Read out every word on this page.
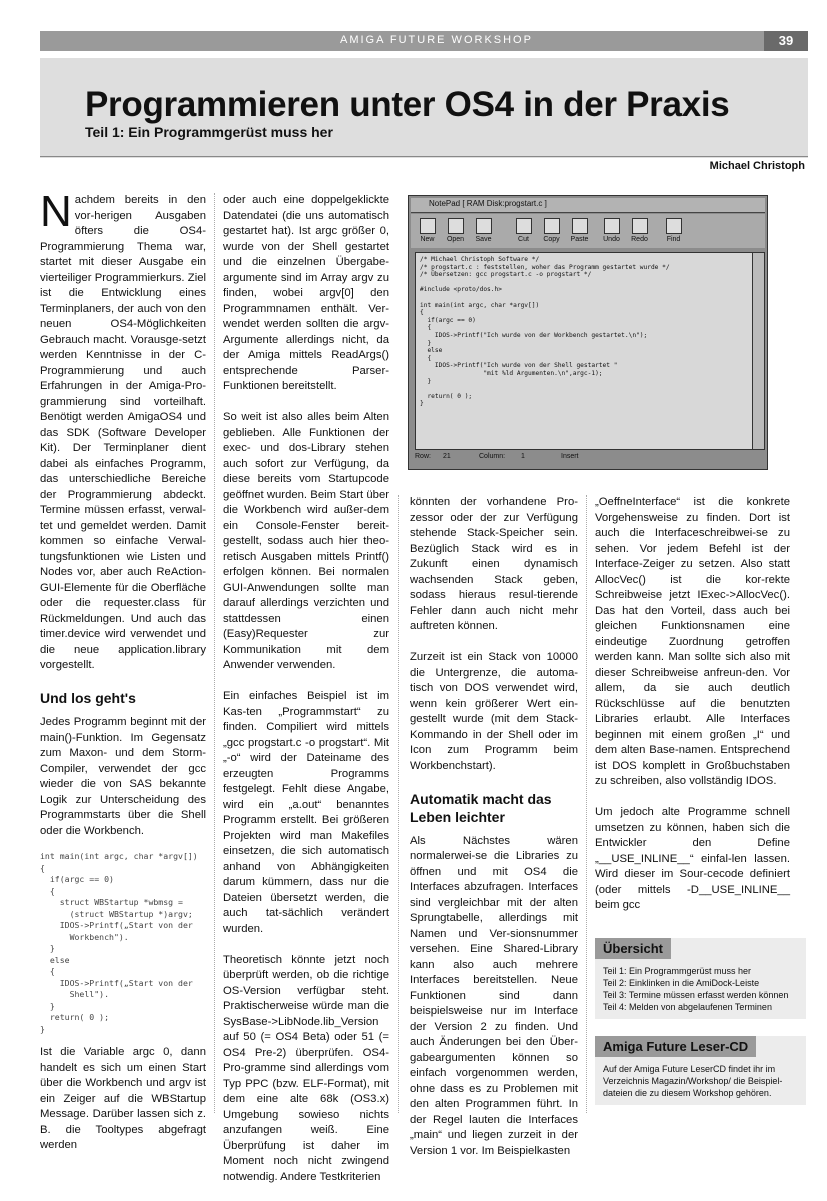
AMIGA FUTURE WORKSHOP	39
Programmieren unter OS4 in der Praxis
Teil 1: Ein Programmgerüst muss her
Michael Christoph

Nachdem bereits in den vor-herigen Ausgaben öfters die OS4-Programmierung Thema war, startet mit dieser Ausgabe ein vierteiliger Programmierkurs. Ziel ist die Entwicklung eines Terminplaners, der auch von den neuen OS4-Möglichkeiten Gebrauch macht. Vorausge-setzt werden Kenntnisse in der C-Programmierung und auch Erfahrungen in der Amiga-Pro-grammierung sind vorteilhaft. Benötigt werden AmigaOS4 und das SDK (Software Developer Kit). Der Terminplaner dient dabei als einfaches Programm, das unterschiedliche Bereiche der Programmierung abdeckt. Termine müssen erfasst, verwal-tet und gemeldet werden. Damit kommen so einfache Verwal-tungsfunktionen wie Listen und Nodes vor, aber auch ReAction-GUI-Elemente für die Oberfläche oder die requester.class für Rückmeldungen. Und auch das timer.device wird verwendet und die neue application.library vorgestellt.

Und los geht's

Jedes Programm beginnt mit der main()-Funktion. Im Gegensatz zum Maxon- und dem Storm-Compiler, verwendet der gcc wieder die von SAS bekannte Logik zur Unterscheidung des Programmstarts über die Shell oder die Workbench.

int main(int argc, char *argv[])
{
if(argc == 0)
{
struct WBStartup *wbmsg =
(struct WBStartup *)argv;
IDOS->Printf(„Start von der
Workbench").
}
else
{
IDOS->Printf(„Start von der
Shell").
}
return( 0 );
}

Ist die Variable argc 0, dann handelt es sich um einen Start über die Workbench und argv ist ein Zeiger auf die WBStartup Message. Darüber lassen sich z. B. die Tooltypes abgefragt werden

oder auch eine doppelgeklickte Datendatei (die uns automatisch gestartet hat). Ist argc größer 0, wurde von der Shell gestartet und die einzelnen Übergabe-argumente sind im Array argv zu finden, wobei argv[0] den Programmnamen enthält. Ver-wendet werden sollten die argv-Argumente allerdings nicht, da der Amiga mittels ReadArgs() entsprechende Parser-Funktionen bereitstellt.

So weit ist also alles beim Alten geblieben. Alle Funktionen der exec- und dos-Library stehen auch sofort zur Verfügung, da diese bereits vom Startupcode geöffnet wurden. Beim Start über die Workbench wird außer-dem ein Console-Fenster bereit-gestellt, sodass auch hier theo-retisch Ausgaben mittels Printf() erfolgen können. Bei normalen GUI-Anwendungen sollte man darauf allerdings verzichten und stattdessen einen (Easy)Requester zur Kommunikation mit dem Anwender verwenden.

Ein einfaches Beispiel ist im Kas-ten „Programmstart“ zu finden. Compiliert wird mittels „gcc progstart.c -o progstart“. Mit „-o“ wird der Dateiname des erzeugten Programms festgelegt. Fehlt diese Angabe, wird ein „a.out“ benanntes Programm erstellt. Bei größeren Projekten wird man Makefiles einsetzen, die sich automatisch anhand von Abhängigkeiten darum kümmern, dass nur die Dateien übersetzt werden, die auch tat-sächlich verändert wurden.

Theoretisch könnte jetzt noch überprüft werden, ob die richtige OS-Version verfügbar steht. Praktischerweise würde man die SysBase->LibNode.lib_Version auf 50 (= OS4 Beta) oder 51 (= OS4 Pre-2) überprüfen. OS4-Pro-gramme sind allerdings vom Typ PPC (bzw. ELF-Format), mit dem eine alte 68k (OS3.x) Umgebung sowieso nichts anzufangen weiß. Eine Überprüfung ist daher im Moment noch nicht zwingend notwendig. Andere Testkriterien

NotePad [ RAM Disk:progstart.c ]
New	Open	Save	Cut	Copy	Paste	Undo	Redo	Find
/* Michael Christoph Software */
/* progstart.c : feststellen, woher das Programm gestartet wurde */
/* Übersetzen: gcc progstart.c -o progstart */

#include <proto/dos.h>

int main(int argc, char *argv[])
{
if(argc == 0)
{
IDOS->Printf("Ich wurde von der Workbench gestartet.\n");
}
else
{
IDOS->Printf("Ich wurde von der Shell gestartet "
"mit %ld Argumenten.\n",argc-1);
}

return( 0 );
}
Row: 21	Column: 1	Insert

könnten der vorhandene Pro-zessor oder der zur Verfügung stehende Stack-Speicher sein. Bezüglich Stack wird es in Zukunft einen dynamisch wachsenden Stack geben, sodass hieraus resul-tierende Fehler dann auch nicht mehr auftreten können.

Zurzeit ist ein Stack von 10000 die Untergrenze, die automa-tisch von DOS verwendet wird, wenn kein größerer Wert ein-gestellt wurde (mit dem Stack-Kommando in der Shell oder im Icon zum Programm beim Workbenchstart).

Automatik macht das Leben leichter

Als Nächstes wären normalerwei-se die Libraries zu öffnen und mit OS4 die Interfaces abzufragen. Interfaces sind vergleichbar mit der alten Sprungtabelle, allerdings mit Namen und Ver-sionsnummer versehen. Eine Shared-Library kann also auch mehrere Interfaces bereitstellen. Neue Funktionen sind dann beispielsweise nur im Interface der Version 2 zu finden. Und auch Änderungen bei den Über-gabeargumenten können so einfach vorgenommen werden, ohne dass es zu Problemen mit den alten Programmen führt. In der Regel lauten die Interfaces „main“ und liegen zurzeit in der Version 1 vor. Im Beispielkasten

„OeffneInterface“ ist die konkrete Vorgehensweise zu finden. Dort ist auch die Interfaceschreibwei-se zu sehen. Vor jedem Befehl ist der Interface-Zeiger zu setzen. Also statt AllocVec() ist die kor-rekte Schreibweise jetzt IExec->AllocVec(). Das hat den Vorteil, dass auch bei gleichen Funktionsnamen eine eindeutige Zuordnung getroffen werden kann. Man sollte sich also mit dieser Schreibweise anfreun-den. Vor allem, da sie auch deutlich Rückschlüsse auf die benutzten Libraries erlaubt. Alle Interfaces beginnen mit einem großen „I“ und dem alten Base-namen. Entsprechend ist DOS komplett in Großbuchstaben zu schreiben, also vollständig IDOS.

Um jedoch alte Programme schnell umsetzen zu können, haben sich die Entwickler den Define „__USE_INLINE__“ einfal-len lassen. Wird dieser im Sour-cecode definiert (oder mittels -D__USE_INLINE__ beim gcc

Übersicht
Teil 1: Ein Programmgerüst muss her
Teil 2: Einklinken in die AmiDock-Leiste
Teil 3: Termine müssen erfasst werden können
Teil 4: Melden von abgelaufenen Terminen
Amiga Future Leser-CD
Auf der Amiga Future LeserCD findet ihr im
Verzeichnis Magazin/Workshop/ die Beispiel-
dateien die zu diesem Workshop gehören.
